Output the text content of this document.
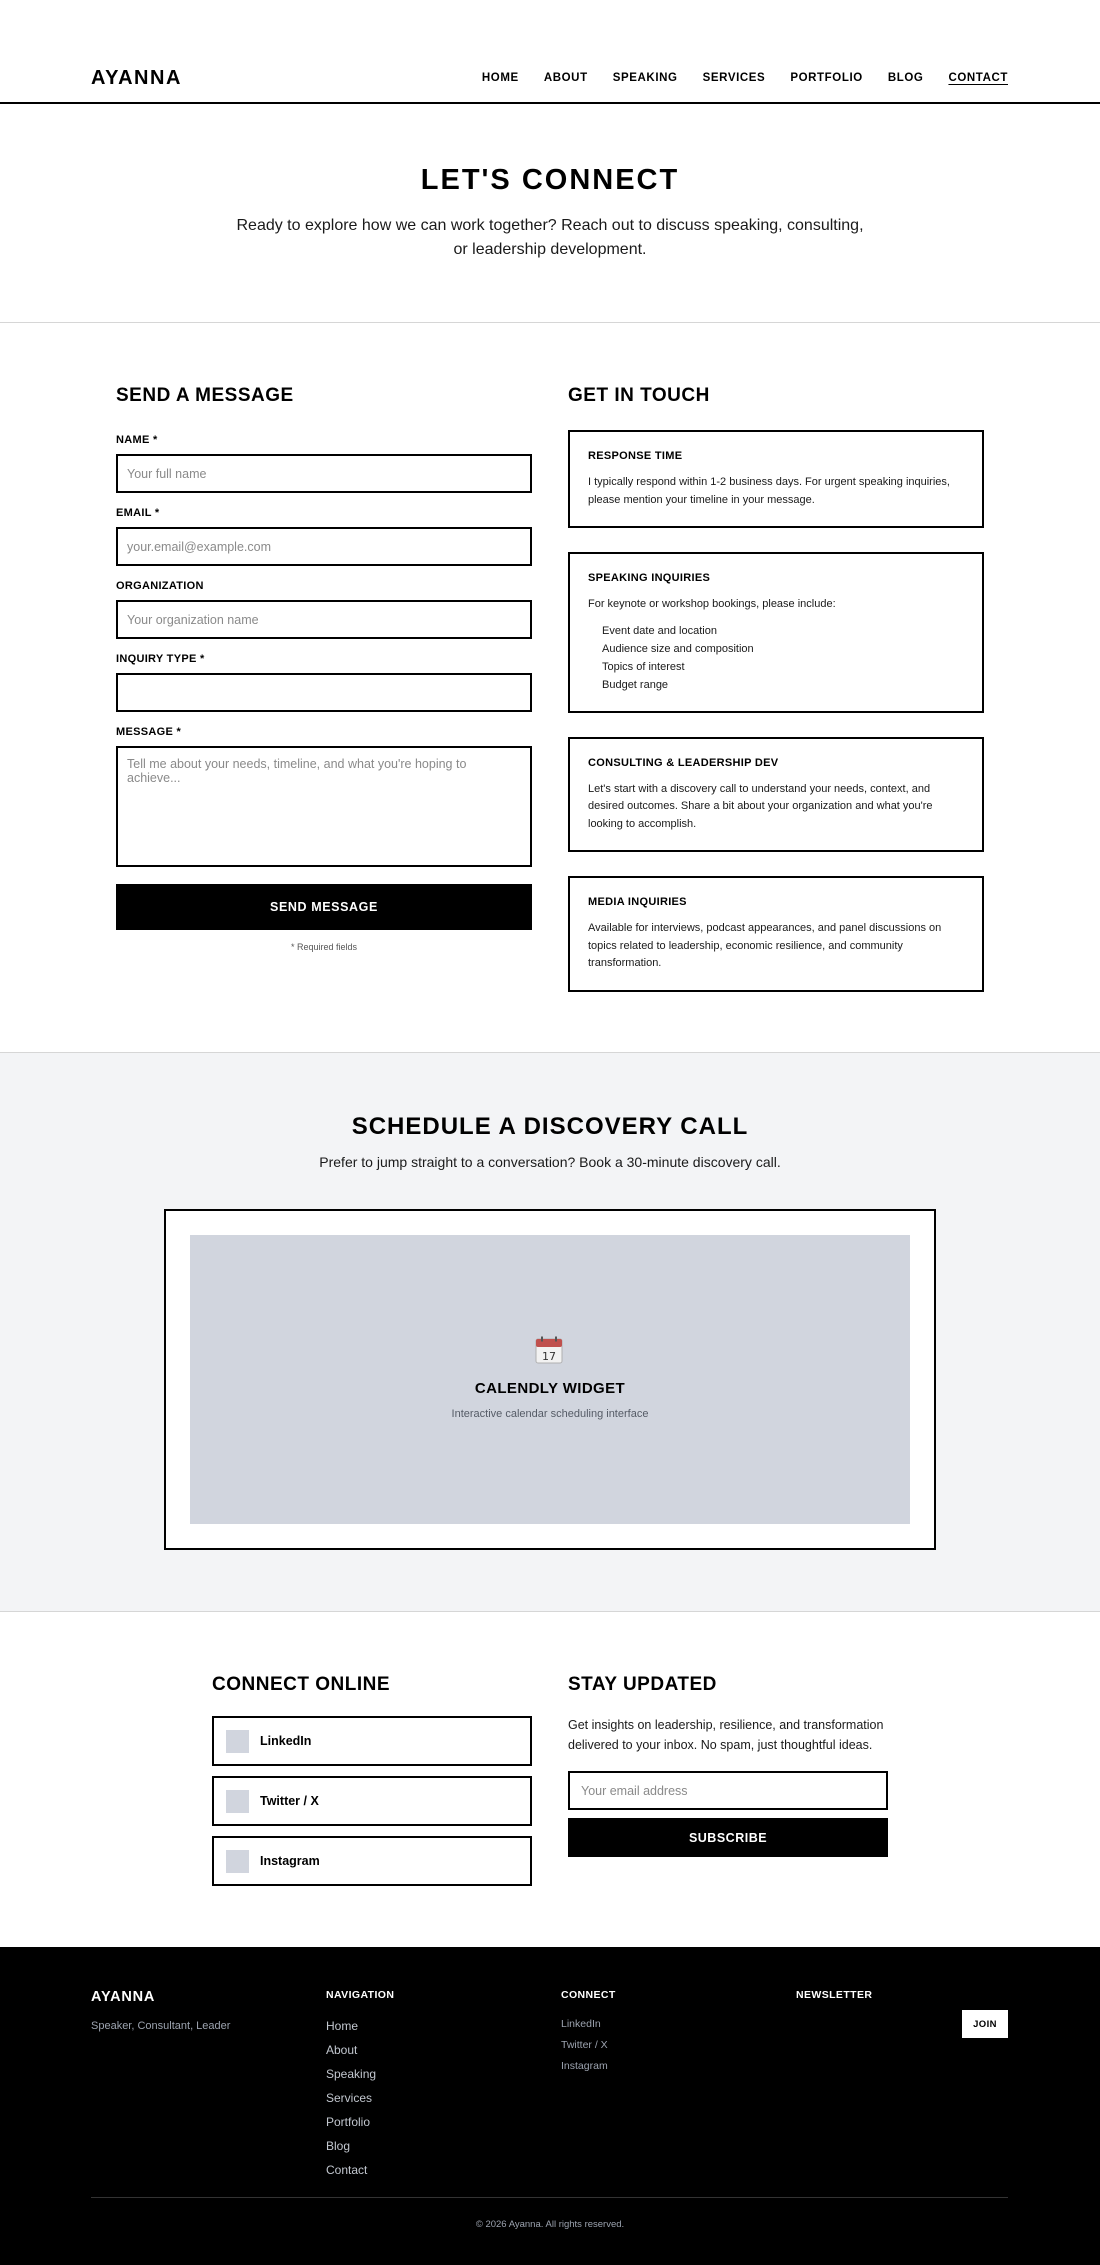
AYANNA	HOME ABOUT SPEAKING SERVICES PORTFOLIO BLOG CONTACT
LET'S CONNECT

Ready to explore how we can work together? Reach out to discuss speaking, consulting, or leadership development.

SEND A MESSAGE
NAME *
Your full name
EMAIL *
your.email@example.com
ORGANIZATION
Your organization name
INQUIRY TYPE *
MESSAGE *
Tell me about your needs, timeline, and what you're hoping to achieve...
SEND MESSAGE
* Required fields
GET IN TOUCH
RESPONSE TIME

I typically respond within 1-2 business days. For urgent speaking inquiries, please mention your timeline in your message.

SPEAKING INQUIRIES

For keynote or workshop bookings, please include:

Event date and location
Audience size and composition
Topics of interest
Budget range
CONSULTING & LEADERSHIP DEV

Let's start with a discovery call to understand your needs, context, and desired outcomes. Share a bit about your organization and what you're looking to accomplish.

MEDIA INQUIRIES

Available for interviews, podcast appearances, and panel discussions on topics related to leadership, economic resilience, and community transformation.

SCHEDULE A DISCOVERY CALL

Prefer to jump straight to a conversation? Book a 30-minute discovery call.

17
CALENDLY WIDGET
Interactive calendar scheduling interface
CONNECT ONLINE
LinkedIn
Twitter / X
Instagram
STAY UPDATED

Get insights on leadership, resilience, and transformation delivered to your inbox. No spam, just thoughtful ideas.

Your email address
SUBSCRIBE
AYANNA
Speaker, Consultant, Leader
NAVIGATION
Home
About
Speaking
Services
Portfolio
Blog
Contact
CONNECT
LinkedIn
Twitter / X
Instagram
NEWSLETTER
JOIN
© 2026 Ayanna. All rights reserved.
